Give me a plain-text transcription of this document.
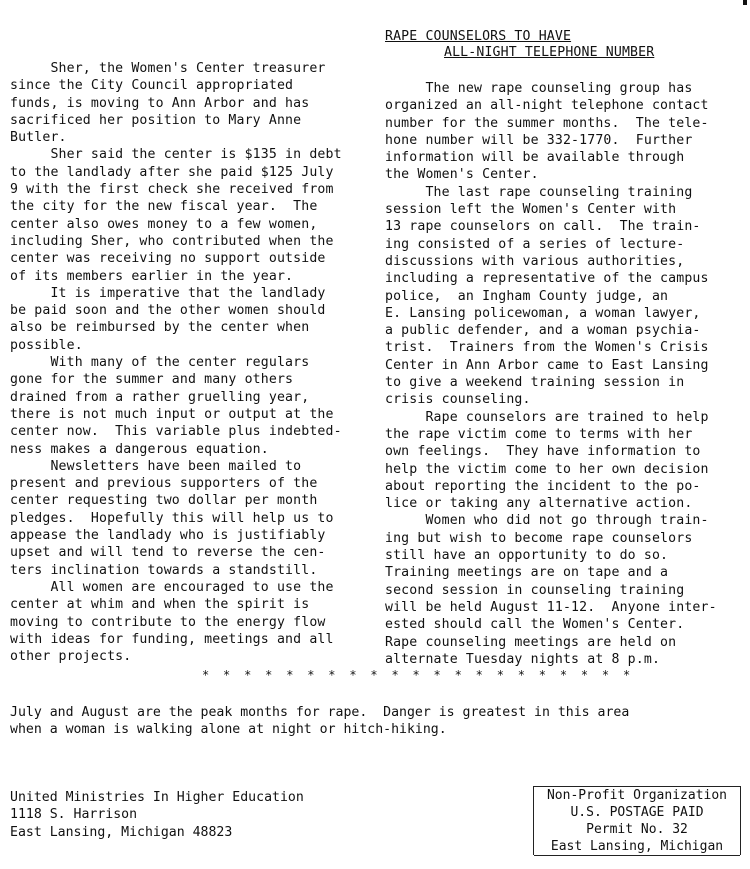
Sher, the Women's Center treasurer
since the City Council appropriated
funds, is moving to Ann Arbor and has
sacrificed her position to Mary Anne
Butler.
Sher said the center is $135 in debt
to the landlady after she paid $125 July
9 with the first check she received from
the city for the new fiscal year.  The
center also owes money to a few women,
including Sher, who contributed when the
center was receiving no support outside
of its members earlier in the year.
It is imperative that the landlady
be paid soon and the other women should
also be reimbursed by the center when
possible.
With many of the center regulars
gone for the summer and many others
drained from a rather gruelling year,
there is not much input or output at the
center now.  This variable plus indebted-
ness makes a dangerous equation.
Newsletters have been mailed to
present and previous supporters of the
center requesting two dollar per month
pledges.  Hopefully this will help us to
appease the landlady who is justifiably
upset and will tend to reverse the cen-
ters inclination towards a standstill.
All women are encouraged to use the
center at whim and when the spirit is
moving to contribute to the energy flow
with ideas for funding, meetings and all
other projects.
RAPE COUNSELORS TO HAVE
ALL-NIGHT TELEPHONE NUMBER
The new rape counseling group has
organized an all-night telephone contact
number for the summer months.  The tele-
hone number will be 332-1770.  Further
information will be available through
the Women's Center.
The last rape counseling training
session left the Women's Center with
13 rape counselors on call.  The train-
ing consisted of a series of lecture-
discussions with various authorities,
including a representative of the campus
police,  an Ingham County judge, an
E. Lansing policewoman, a woman lawyer,
a public defender, and a woman psychia-
trist.  Trainers from the Women's Crisis
Center in Ann Arbor came to East Lansing
to give a weekend training session in
crisis counseling.
Rape counselors are trained to help
the rape victim come to terms with her
own feelings.  They have information to
help the victim come to her own decision
about reporting the incident to the po-
lice or taking any alternative action.
Women who did not go through train-
ing but wish to become rape counselors
still have an opportunity to do so.
Training meetings are on tape and a
second session in counseling training
will be held August 11-12.  Anyone inter-
ested should call the Women's Center.
Rape counseling meetings are held on
alternate Tuesday nights at 8 p.m.
* * * * * * * * * * * * * * * * * * * * *
July and August are the peak months for rape.  Danger is greatest in this area
when a woman is walking alone at night or hitch-hiking.
United Ministries In Higher Education
1118 S. Harrison
East Lansing, Michigan 48823
Non-Profit Organization
U.S. POSTAGE PAID
Permit No. 32
East Lansing, Michigan
